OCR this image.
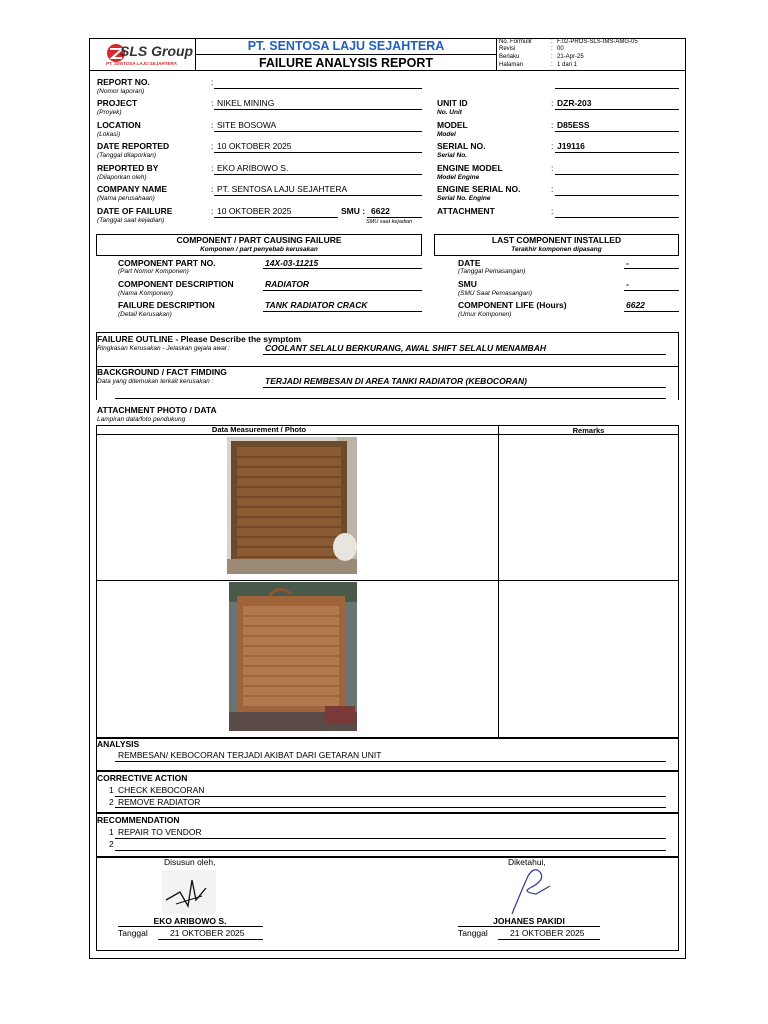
SLS Group
PT. SENTOSA LAJU SEJAHTERA
PT. SENTOSA LAJU SEJAHTERA
FAILURE ANALYSIS REPORT
No. Formulir	: F.02-PROS-SLS-IMS-AMG-05
Revisi	: 00
Berlaku	: 21-Apr-25
Halaman	: 1 dari 1
REPORT NO.
(Nomor laporan)
:
PROJECT
(Proyek)
: NIKEL MINING
LOCATION
(Lokasi)
: SITE BOSOWA
DATE REPORTED
(Tanggal dilaporkan)
: 10 OKTOBER 2025
REPORTED BY
(Dilaporkan oleh)
: EKO ARIBOWO S.
COMPANY NAME
(Nama perusahaan)
: PT. SENTOSA LAJU SEJAHTERA
DATE OF FAILURE
(Tanggal saat kejadian)
: 10 OKTOBER 2025	SMU : 6622
SMU saat kejadian
UNIT ID
No. Unit
: DZR-203
MODEL
Model
: D85ESS
SERIAL NO.
Serial No.
: J19116
ENGINE MODEL
Model Engine
:
ENGINE SERIAL NO.
Serial No. Engine
:
ATTACHMENT	:
COMPONENT / PART CAUSING FAILURE
Komponen / part penyebab kerusakan
LAST COMPONENT INSTALLED
Terakhir komponen dipasang
COMPONENT PART NO.
(Part Nomor Komponen)
14X-03-11215
COMPONENT DESCRIPTION
(Nama Komponen)
RADIATOR
FAILURE DESCRIPTION
(Detail Kerusakan)
TANK RADIATOR CRACK
DATE
(Tanggal Pemasangan)
-
SMU
(SMU Saat Pemasangan)
-
COMPONENT LIFE (Hours)
(Umur Komponen)
6622
FAILURE OUTLINE - Please Describe the symptom
Ringkasan Kerusakan - Jelaskan gejala awal :	COOLANT SELALU BERKURANG, AWAL SHIFT SELALU MENAMBAH
BACKGROUND / FACT FIMDING
Data yang ditemukan terkait kerusakan :	TERJADI REMBESAN DI AREA TANKI RADIATOR (KEBOCORAN)
ATTACHMENT PHOTO / DATA
Lampiran data/foto pendukung
Data Measurement / Photo	Remarks
ANALYSIS
REMBESAN/ KEBOCORAN TERJADI AKIBAT DARI GETARAN UNIT
CORRECTIVE ACTION
1 CHECK KEBOCORAN
2 REMOVE RADIATOR
RECOMMENDATION
1 REPAIR TO VENDOR
2
Disusun oleh,
EKO ARIBOWO S.
Tanggal	21 OKTOBER 2025
Diketahui,
JOHANES PAKIDI
Tanggal	21 OKTOBER 2025
